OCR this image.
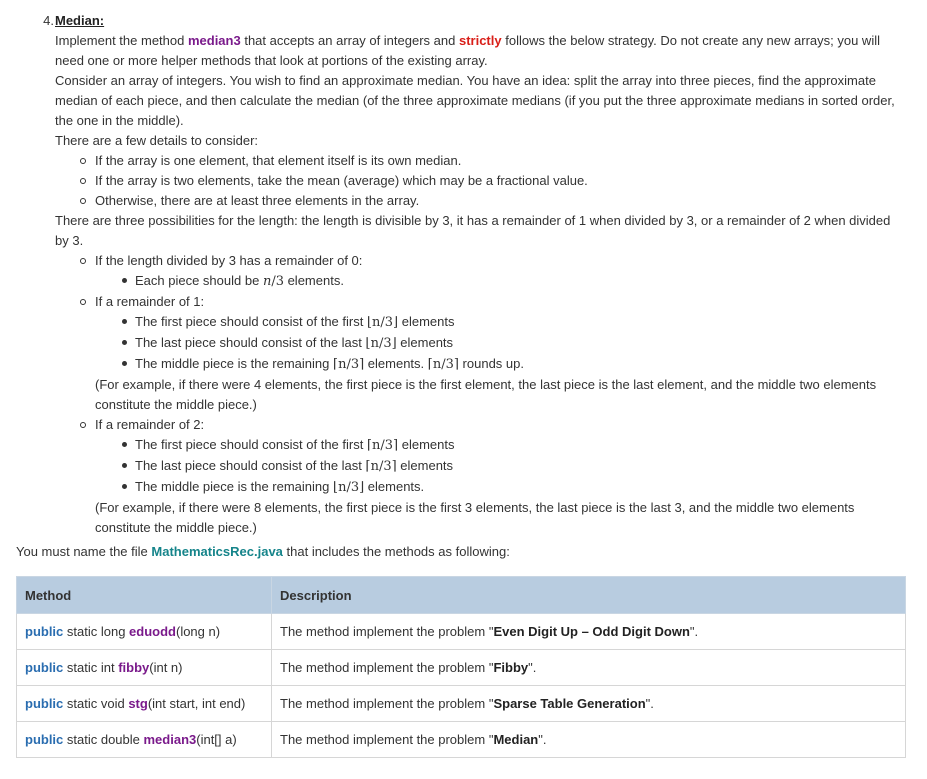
4. Median:

Implement the method median3 that accepts an array of integers and strictly follows the below strategy. Do not create any new arrays; you will need one or more helper methods that look at portions of the existing array.

Consider an array of integers. You wish to find an approximate median. You have an idea: split the array into three pieces, find the approximate median of each piece, and then calculate the median (of the three approximate medians (if you put the three approximate medians in sorted order, the one in the middle).

There are a few details to consider:

If the array is one element, that element itself is its own median.
If the array is two elements, take the mean (average) which may be a fractional value.
Otherwise, there are at least three elements in the array.

There are three possibilities for the length: the length is divisible by 3, it has a remainder of 1 when divided by 3, or a remainder of 2 when divided by 3.

If the length divided by 3 has a remainder of 0:
Each piece should be n/3 elements.
If a remainder of 1:
The first piece should consist of the first ⌊n/3⌋ elements
The last piece should consist of the last ⌊n/3⌋ elements
The middle piece is the remaining ⌈n/3⌉ elements. ⌈n/3⌉ rounds up.

(For example, if there were 4 elements, the first piece is the first element, the last piece is the last element, and the middle two elements constitute the middle piece.)

If a remainder of 2:
The first piece should consist of the first ⌈n/3⌉ elements
The last piece should consist of the last ⌈n/3⌉ elements
The middle piece is the remaining ⌊n/3⌋ elements.

(For example, if there were 8 elements, the first piece is the first 3 elements, the last piece is the last 3, and the middle two elements constitute the middle piece.)

You must name the file MathematicsRec.java that includes the methods as following:

Method	Description
public static long eduodd(long n)	The method implement the problem "Even Digit Up – Odd Digit Down".
public static int fibby(int n)	The method implement the problem "Fibby".
public static void stg(int start, int end)	The method implement the problem "Sparse Table Generation".
public static double median3(int[] a)	The method implement the problem "Median".
